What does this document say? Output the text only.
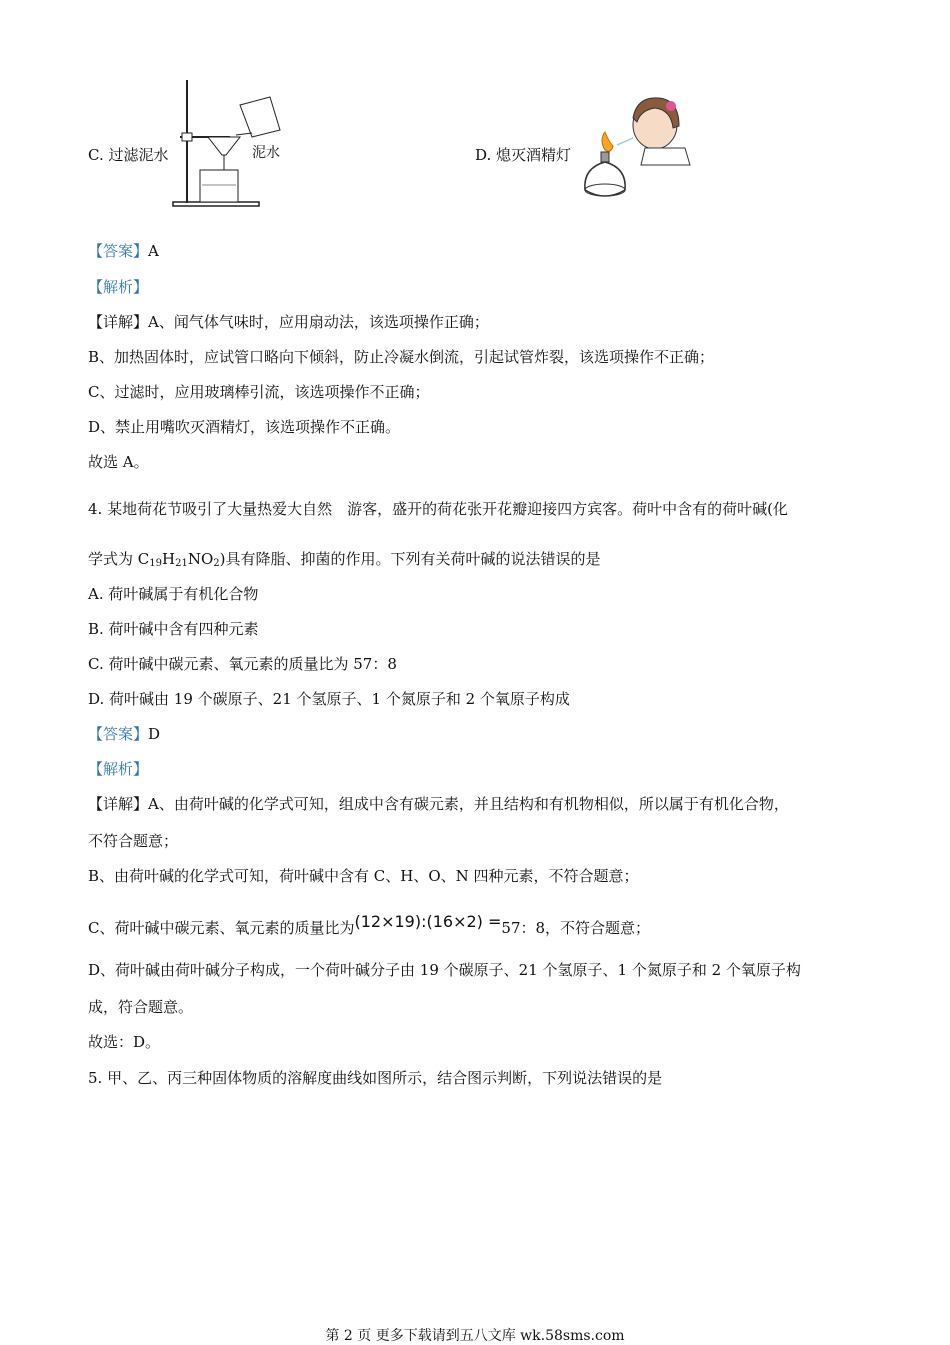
C. 过滤泥水	泥水	D. 熄灭酒精灯
【答案】A
【解析】
【详解】A、闻气体气味时，应用扇动法，该选项操作正确；
B、加热固体时，应试管口略向下倾斜，防止冷凝水倒流，引起试管炸裂，该选项操作不正确；
C、过滤时，应用玻璃棒引流，该选项操作不正确；
D、禁止用嘴吹灭酒精灯，该选项操作不正确。
故选 A。
4. 某地荷花节吸引了大量热爱大自然　游客，盛开的荷花张开花瓣迎接四方宾客。荷叶中含有的荷叶碱(化
学式为 $C_{19}H_{21}NO_2$)具有降脂、抑菌的作用。下列有关荷叶碱的说法错误的是
A. 荷叶碱属于有机化合物
B. 荷叶碱中含有四种元素
C. 荷叶碱中碳元素、氧元素的质量比为 57：8
D. 荷叶碱由 19 个碳原子、21 个氢原子、1 个氮原子和 2 个氧原子构成
【答案】D
【解析】
【详解】A、由荷叶碱的化学式可知，组成中含有碳元素，并且结构和有机物相似，所以属于有机化合物，
不符合题意；
B、由荷叶碱的化学式可知，荷叶碱中含有 C、H、O、N 四种元素，不符合题意；
C、荷叶碱中碳元素、氧元素的质量比为(12×19):(16×2) =57：8，不符合题意；
D、荷叶碱由荷叶碱分子构成，一个荷叶碱分子由 19 个碳原子、21 个氢原子、1 个氮原子和 2 个氧原子构
成，符合题意。
故选：D。
5. 甲、乙、丙三种固体物质的溶解度曲线如图所示，结合图示判断，下列说法错误的是
第 2 页 更多下载请到五八文库 wk.58sms.com
